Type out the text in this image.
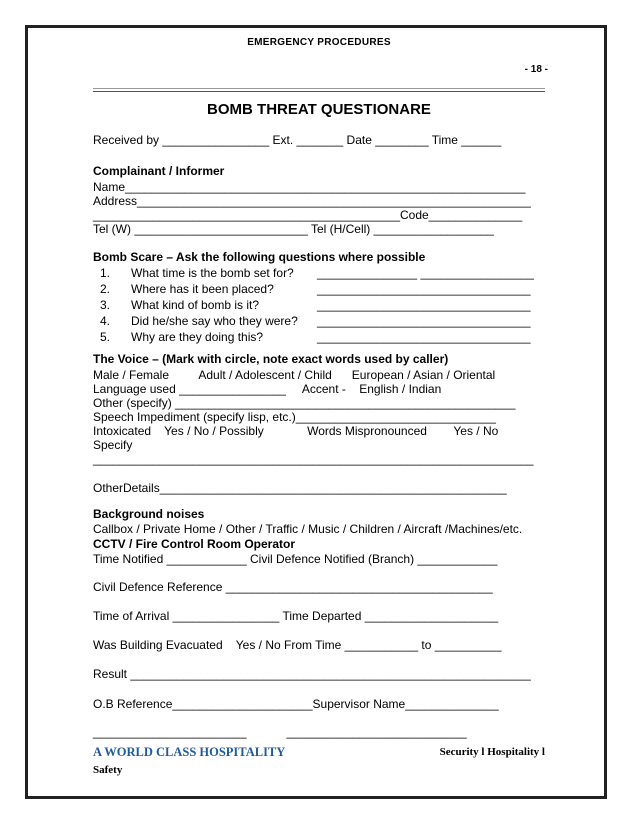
EMERGENCY PROCEDURES
- 18 -
BOMB THREAT QUESTIONARE
Received by ________________ Ext. _______ Date ________ Time ______
Complainant / Informer
Name____________________________________________________________
Address___________________________________________________________
______________________________________________Code______________
Tel (W) __________________________ Tel (H/Cell) __________________
Bomb Scare – Ask the following questions where possible
1. What time is the bomb set for? _______________ _________________
2. Where has it been placed?	________________________________
3. What kind of bomb is it?	________________________________
4. Did he/she say who they were? ________________________________
5. Why are they doing this?	________________________________
The Voice – (Mark with circle, note exact words used by caller)
Male / Female         Adult / Adolescent / Child      European / Asian / Oriental
Language used ________________     Accent -    English / Indian
Other (specify) ___________________________________________________
Speech Impediment (specify lisp, etc.)______________________________
Intoxicated    Yes / No / Possibly             Words Mispronounced        Yes / No
Specify
__________________________________________________________________
OtherDetails____________________________________________________
Background noises
Callbox / Private Home / Other / Traffic / Music / Children / Aircraft /Machines/etc.
CCTV / Fire Control Room Operator
Time Notified ____________ Civil Defence Notified (Branch) ____________
Civil Defence Reference ________________________________________
Time of Arrival ________________ Time Departed ____________________
Was Building Evacuated    Yes / No From Time ___________ to __________
Result ____________________________________________________________
O.B Reference_____________________Supervisor Name______________
_______________________            ___________________________
A WORLD CLASS HOSPITALITY	Security l Hospitality l
Safety
